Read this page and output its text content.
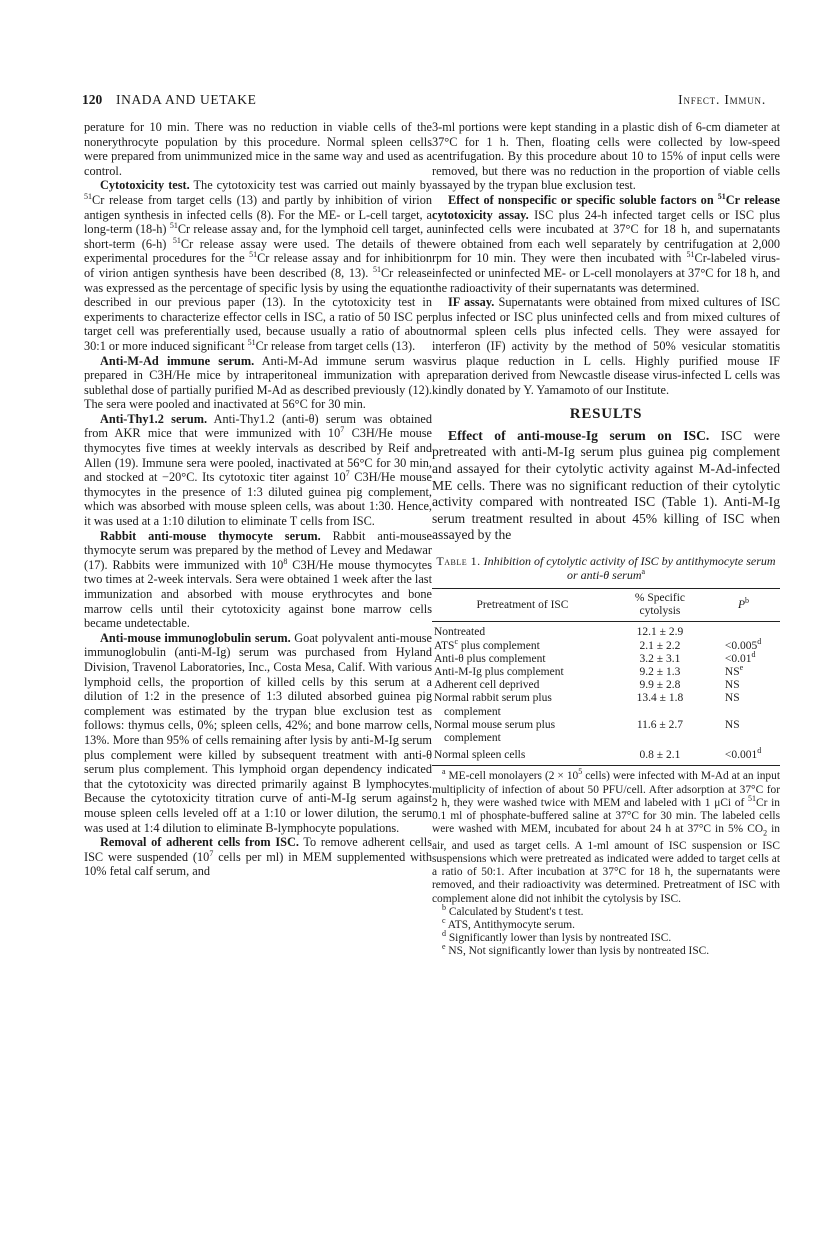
120 INADA AND UETAKE	Infect. Immun.

perature for 10 min. There was no reduction in viable cells of the nonerythrocyte population by this procedure. Normal spleen cells were prepared from unimmunized mice in the same way and used as a control.

Cytotoxicity test. The cytotoxicity test was carried out mainly by $^{51}$Cr release from target cells (13) and partly by inhibition of virion antigen synthesis in infected cells (8). For the ME- or L-cell target, a long-term (18-h) $^{51}$Cr release assay and, for the lymphoid cell target, a short-term (6-h) $^{51}$Cr release assay were used. The details of the experimental procedures for the $^{51}$Cr release assay and for inhibition of virion antigen synthesis have been described (8, 13). $^{51}$Cr release was expressed as the percentage of specific lysis by using the equation described in our previous paper (13). In the cytotoxicity test in experiments to characterize effector cells in ISC, a ratio of 50 ISC per target cell was preferentially used, because usually a ratio of about 30:1 or more induced significant $^{51}$Cr release from target cells (13).

Anti-M-Ad immune serum. Anti-M-Ad immune serum was prepared in C3H/He mice by intraperitoneal immunization with a sublethal dose of partially purified M-Ad as described previously (12). The sera were pooled and inactivated at 56°C for 30 min.

Anti-Thy1.2 serum. Anti-Thy1.2 (anti-θ) serum was obtained from AKR mice that were immunized with $10^7$ C3H/He mouse thymocytes five times at weekly intervals as described by Reif and Allen (19). Immune sera were pooled, inactivated at 56°C for 30 min, and stocked at −20°C. Its cytotoxic titer against $10^7$ C3H/He mouse thymocytes in the presence of 1:3 diluted guinea pig complement, which was absorbed with mouse spleen cells, was about 1:30. Hence, it was used at a 1:10 dilution to eliminate T cells from ISC.

Rabbit anti-mouse thymocyte serum. Rabbit anti-mouse thymocyte serum was prepared by the method of Levey and Medawar (17). Rabbits were immunized with $10^8$ C3H/He mouse thymocytes two times at 2-week intervals. Sera were obtained 1 week after the last immunization and absorbed with mouse erythrocytes and bone marrow cells until their cytotoxicity against bone marrow cells became undetectable.

Anti-mouse immunoglobulin serum. Goat polyvalent anti-mouse immunoglobulin (anti-M-Ig) serum was purchased from Hyland Division, Travenol Laboratories, Inc., Costa Mesa, Calif. With various lymphoid cells, the proportion of killed cells by this serum at a dilution of 1:2 in the presence of 1:3 diluted absorbed guinea pig complement was estimated by the trypan blue exclusion test as follows: thymus cells, 0%; spleen cells, 42%; and bone marrow cells, 13%. More than 95% of cells remaining after lysis by anti-M-Ig serum plus complement were killed by subsequent treatment with anti-θ serum plus complement. This lymphoid organ dependency indicated that the cytotoxicity was directed primarily against B lymphocytes. Because the cytotoxicity titration curve of anti-M-Ig serum against mouse spleen cells leveled off at a 1:10 or lower dilution, the serum was used at 1:4 dilution to eliminate B-lymphocyte populations.

Removal of adherent cells from ISC. To remove adherent cells ISC were suspended ($10^7$ cells per ml) in MEM supplemented with 10% fetal calf serum, and

3-ml portions were kept standing in a plastic dish of 6-cm diameter at 37°C for 1 h. Then, floating cells were collected by low-speed centrifugation. By this procedure about 10 to 15% of input cells were removed, but there was no reduction in the proportion of viable cells assayed by the trypan blue exclusion test.

Effect of nonspecific or specific soluble factors on $^{51}$Cr release cytotoxicity assay. ISC plus 24-h infected target cells or ISC plus uninfected cells were incubated at 37°C for 18 h, and supernatants were obtained from each well separately by centrifugation at 2,000 rpm for 10 min. They were then incubated with $^{51}$Cr-labeled virus-infected or uninfected ME- or L-cell monolayers at 37°C for 18 h, and the radioactivity of their supernatants was determined.

IF assay. Supernatants were obtained from mixed cultures of ISC plus infected or ISC plus uninfected cells and from mixed cultures of normal spleen cells plus infected cells. They were assayed for interferon (IF) activity by the method of 50% vesicular stomatitis virus plaque reduction in L cells. Highly purified mouse IF preparation derived from Newcastle disease virus-infected L cells was kindly donated by Y. Yamamoto of our Institute.

RESULTS

Effect of anti-mouse-Ig serum on ISC. ISC were pretreated with anti-M-Ig serum plus guinea pig complement and assayed for their cytolytic activity against M-Ad-infected ME cells. There was no significant reduction of their cytolytic activity compared with nontreated ISC (Table 1). Anti-M-Ig serum treatment resulted in about 45% killing of ISC when assayed by the

Table 1. Inhibition of cytolytic activity of ISC by antithymocyte serum or anti-θ serum$^a$
Pretreatment of ISC	% Specific cytolysis	$P^b$
Nontreated	12.1 ± 2.9	
ATS$^c$ plus complement	2.1 ± 2.2	<0.005$^d$
Anti-θ plus complement	3.2 ± 3.1	<0.01$^d$
Anti-M-Ig plus complement	9.2 ± 1.3	$NS^e$
Adherent cell deprived	9.9 ± 2.8	NS

Normal rabbit serum plus complement	13.4 ± 1.8	NS

Normal mouse serum plus complement	11.6 ± 2.7	NS
Normal spleen cells	0.8 ± 2.1	<0.001$^d$

$^a$ ME-cell monolayers ($2 \times 10^5$ cells) were infected with M-Ad at an input multiplicity of infection of about 50 PFU/cell. After adsorption at 37°C for 2 h, they were washed twice with MEM and labeled with 1 μCi of $^{51}$Cr in 0.1 ml of phosphate-buffered saline at 37°C for 30 min. The labeled cells were washed with MEM, incubated for about 24 h at 37°C in 5% $CO_2$ in air, and used as target cells. A 1-ml amount of ISC suspension or ISC suspensions which were pretreated as indicated were added to target cells at a ratio of 50:1. After incubation at 37°C for 18 h, the supernatants were removed, and their radioactivity was determined. Pretreatment of ISC with complement alone did not inhibit the cytolysis by ISC.

$^b$ Calculated by Student's t test.

$^c$ ATS, Antithymocyte serum.

$^d$ Significantly lower than lysis by nontreated ISC.

$^e$ NS, Not significantly lower than lysis by nontreated ISC.
